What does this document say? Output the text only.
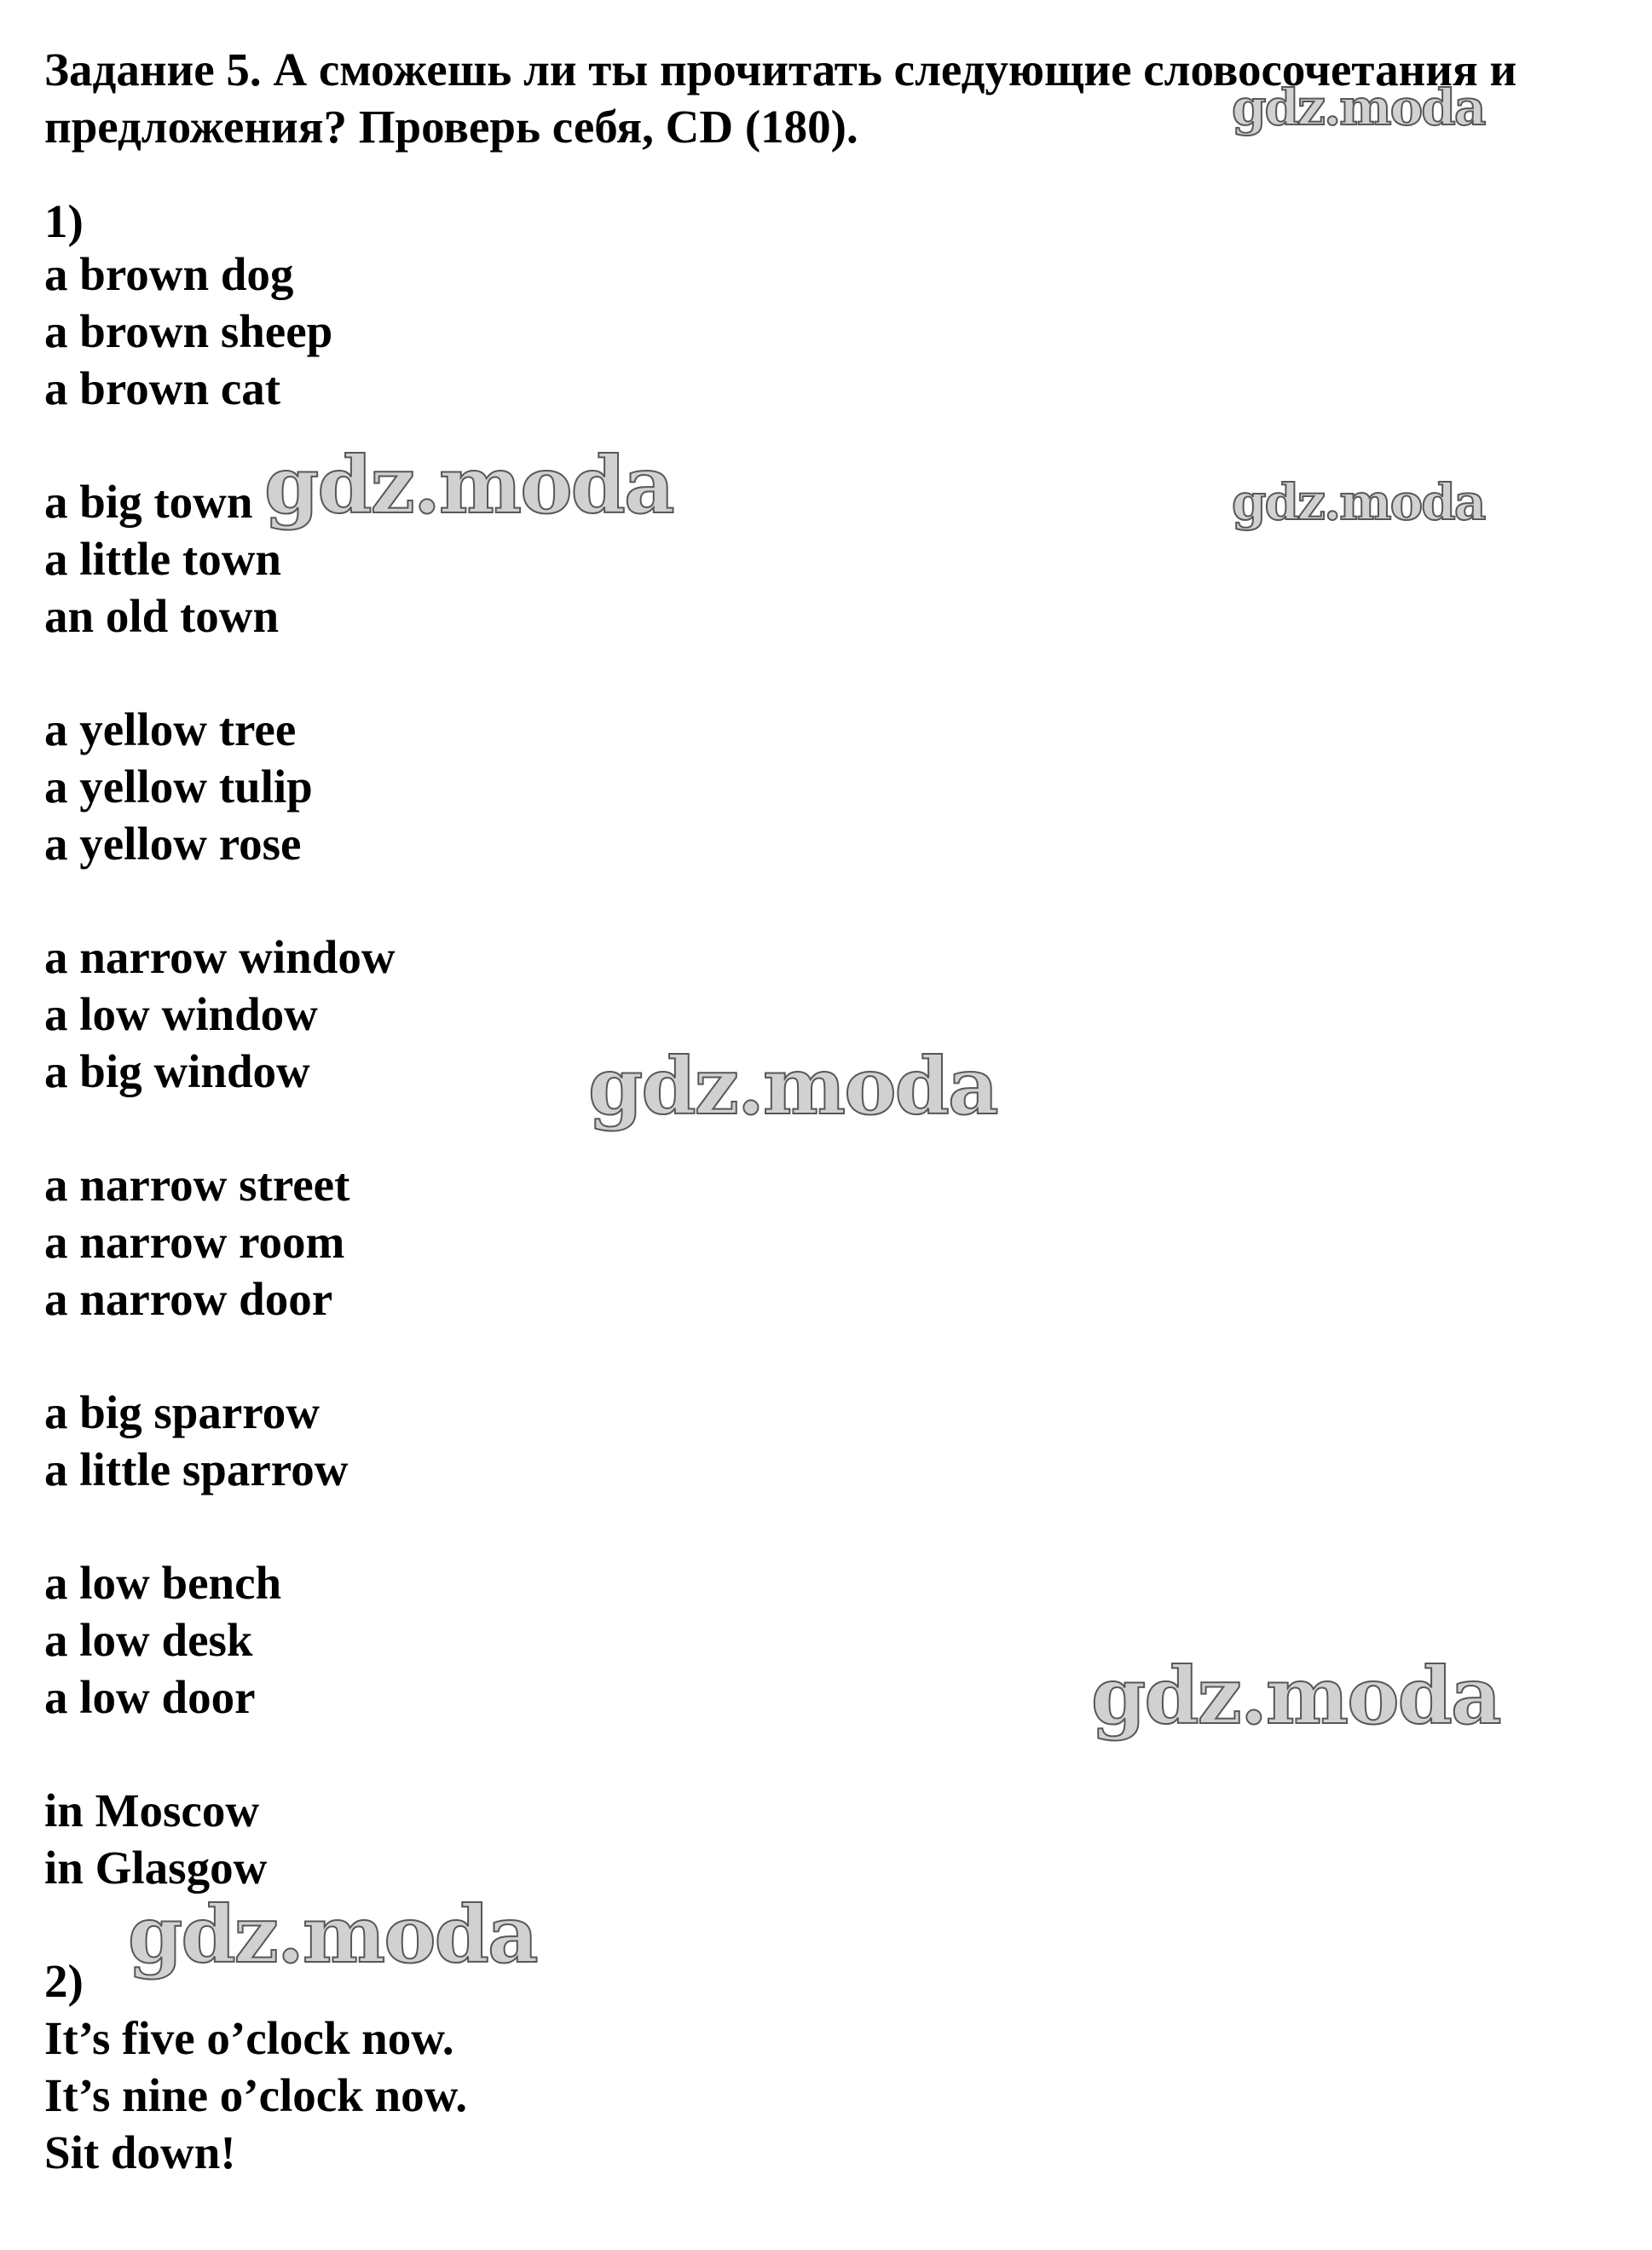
Задание 5. А сможешь ли ты прочитать следующие словосочетания и
предложения? Проверь себя, CD (180).
1)
a brown dog
a brown sheep
a brown cat
a big town
a little town
an old town
a yellow tree
a yellow tulip
a yellow rose
a narrow window
a low window
a big window
a narrow street
a narrow room
a narrow door
a big sparrow
a little sparrow
a low bench
a low desk
a low door
in Moscow
in Glasgow
2)
It’s five o’clock now.
It’s nine o’clock now.
Sit down!
gdz.moda
gdz.moda	gdz.moda
gdz.moda
gdz.moda
gdz.moda
